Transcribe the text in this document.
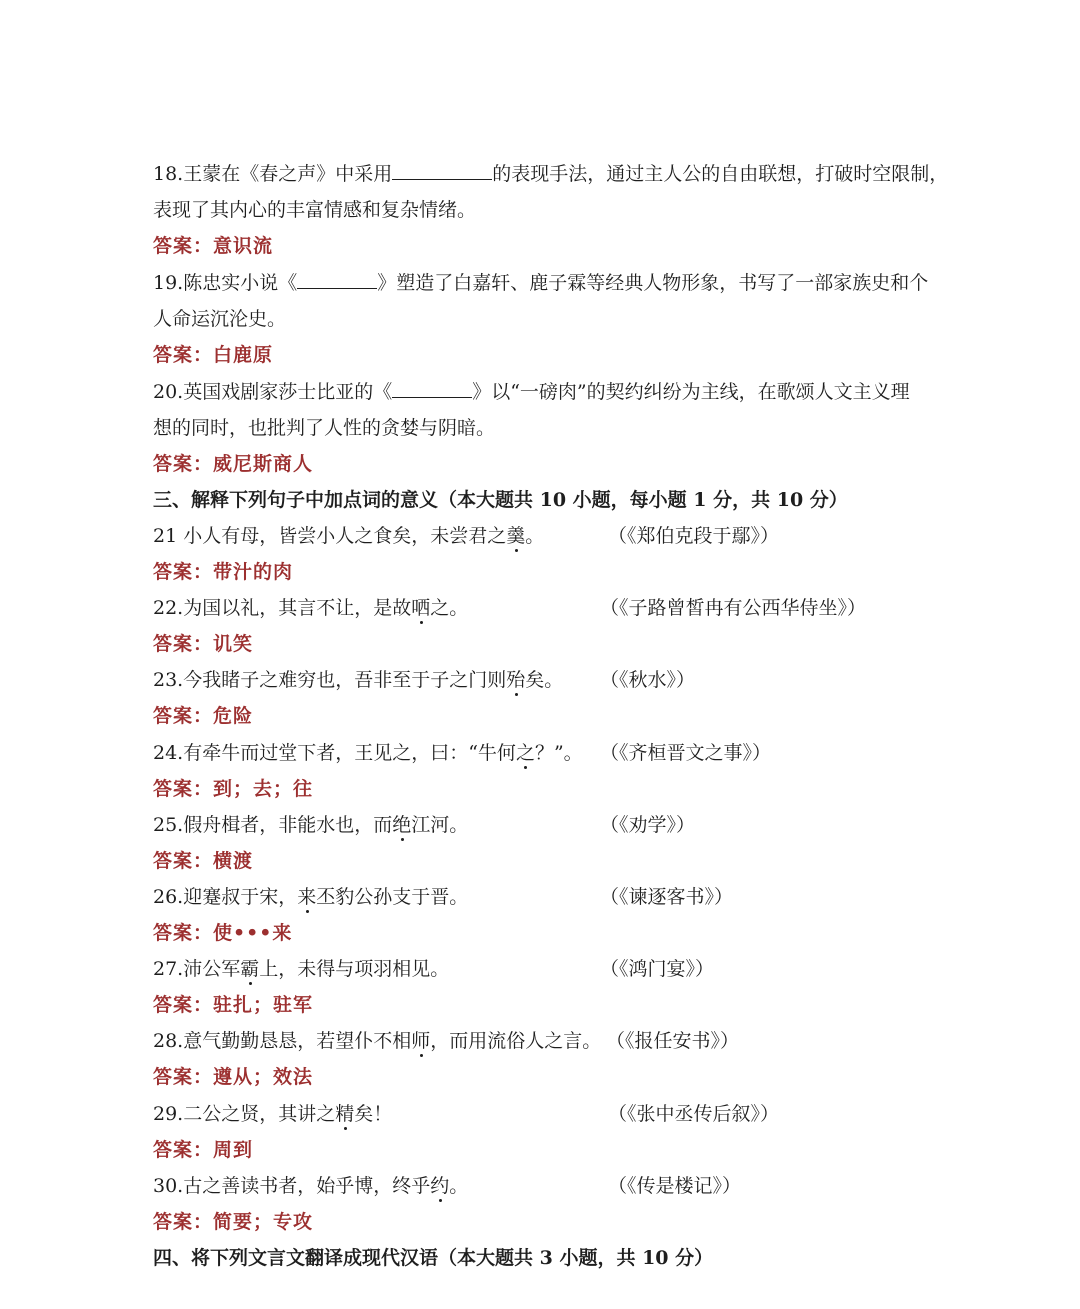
18.王蒙在《春之声》中采用	的表现手法，通过主人公的自由联想，打破时空限制，
表现了其内心的丰富情感和复杂情绪。
答案：意识流
19.陈忠实小说《	》塑造了白嘉轩、鹿子霖等经典人物形象，书写了一部家族史和个
人命运沉沦史。
答案：白鹿原
20.英国戏剧家莎士比亚的《	》以“一磅肉”的契约纠纷为主线，在歌颂人文主义理
想的同时，也批判了人性的贪婪与阴暗。
答案：威尼斯商人
三、解释下列句子中加点词的意义（本大题共 10 小题，每小题 1 分，共 10 分）
21 小人有母，皆尝小人之食矣，未尝君之羹。	（《郑伯克段于鄢》）
答案：带汁的肉
22.为国以礼，其言不让，是故哂之。	（《子路曾皙冉有公西华侍坐》）
答案：讥笑
23.今我睹子之难穷也，吾非至于子之门则殆矣。 （《秋水》）
答案：危险
24.有牵牛而过堂下者，王见之，曰：“牛何之？”。 （《齐桓晋文之事》）
答案：到；去；往
25.假舟楫者，非能水也，而绝江河。	（《劝学》）
答案：横渡
26.迎蹇叔于宋，来丕豹公孙支于晋。	（《谏逐客书》）
答案：使•••来
27.沛公军霸上，未得与项羽相见。	（《鸿门宴》）
答案：驻扎；驻军
28.意气勤勤恳恳，若望仆不相师，而用流俗人之言。 （《报任安书》）
答案：遵从；效法
29.二公之贤，其讲之精矣！	（《张中丞传后叙》）
答案：周到
30.古之善读书者，始乎博，终乎约。	（《传是楼记》）
答案：简要；专攻
四、将下列文言文翻译成现代汉语（本大题共 3 小题，共 10 分）
